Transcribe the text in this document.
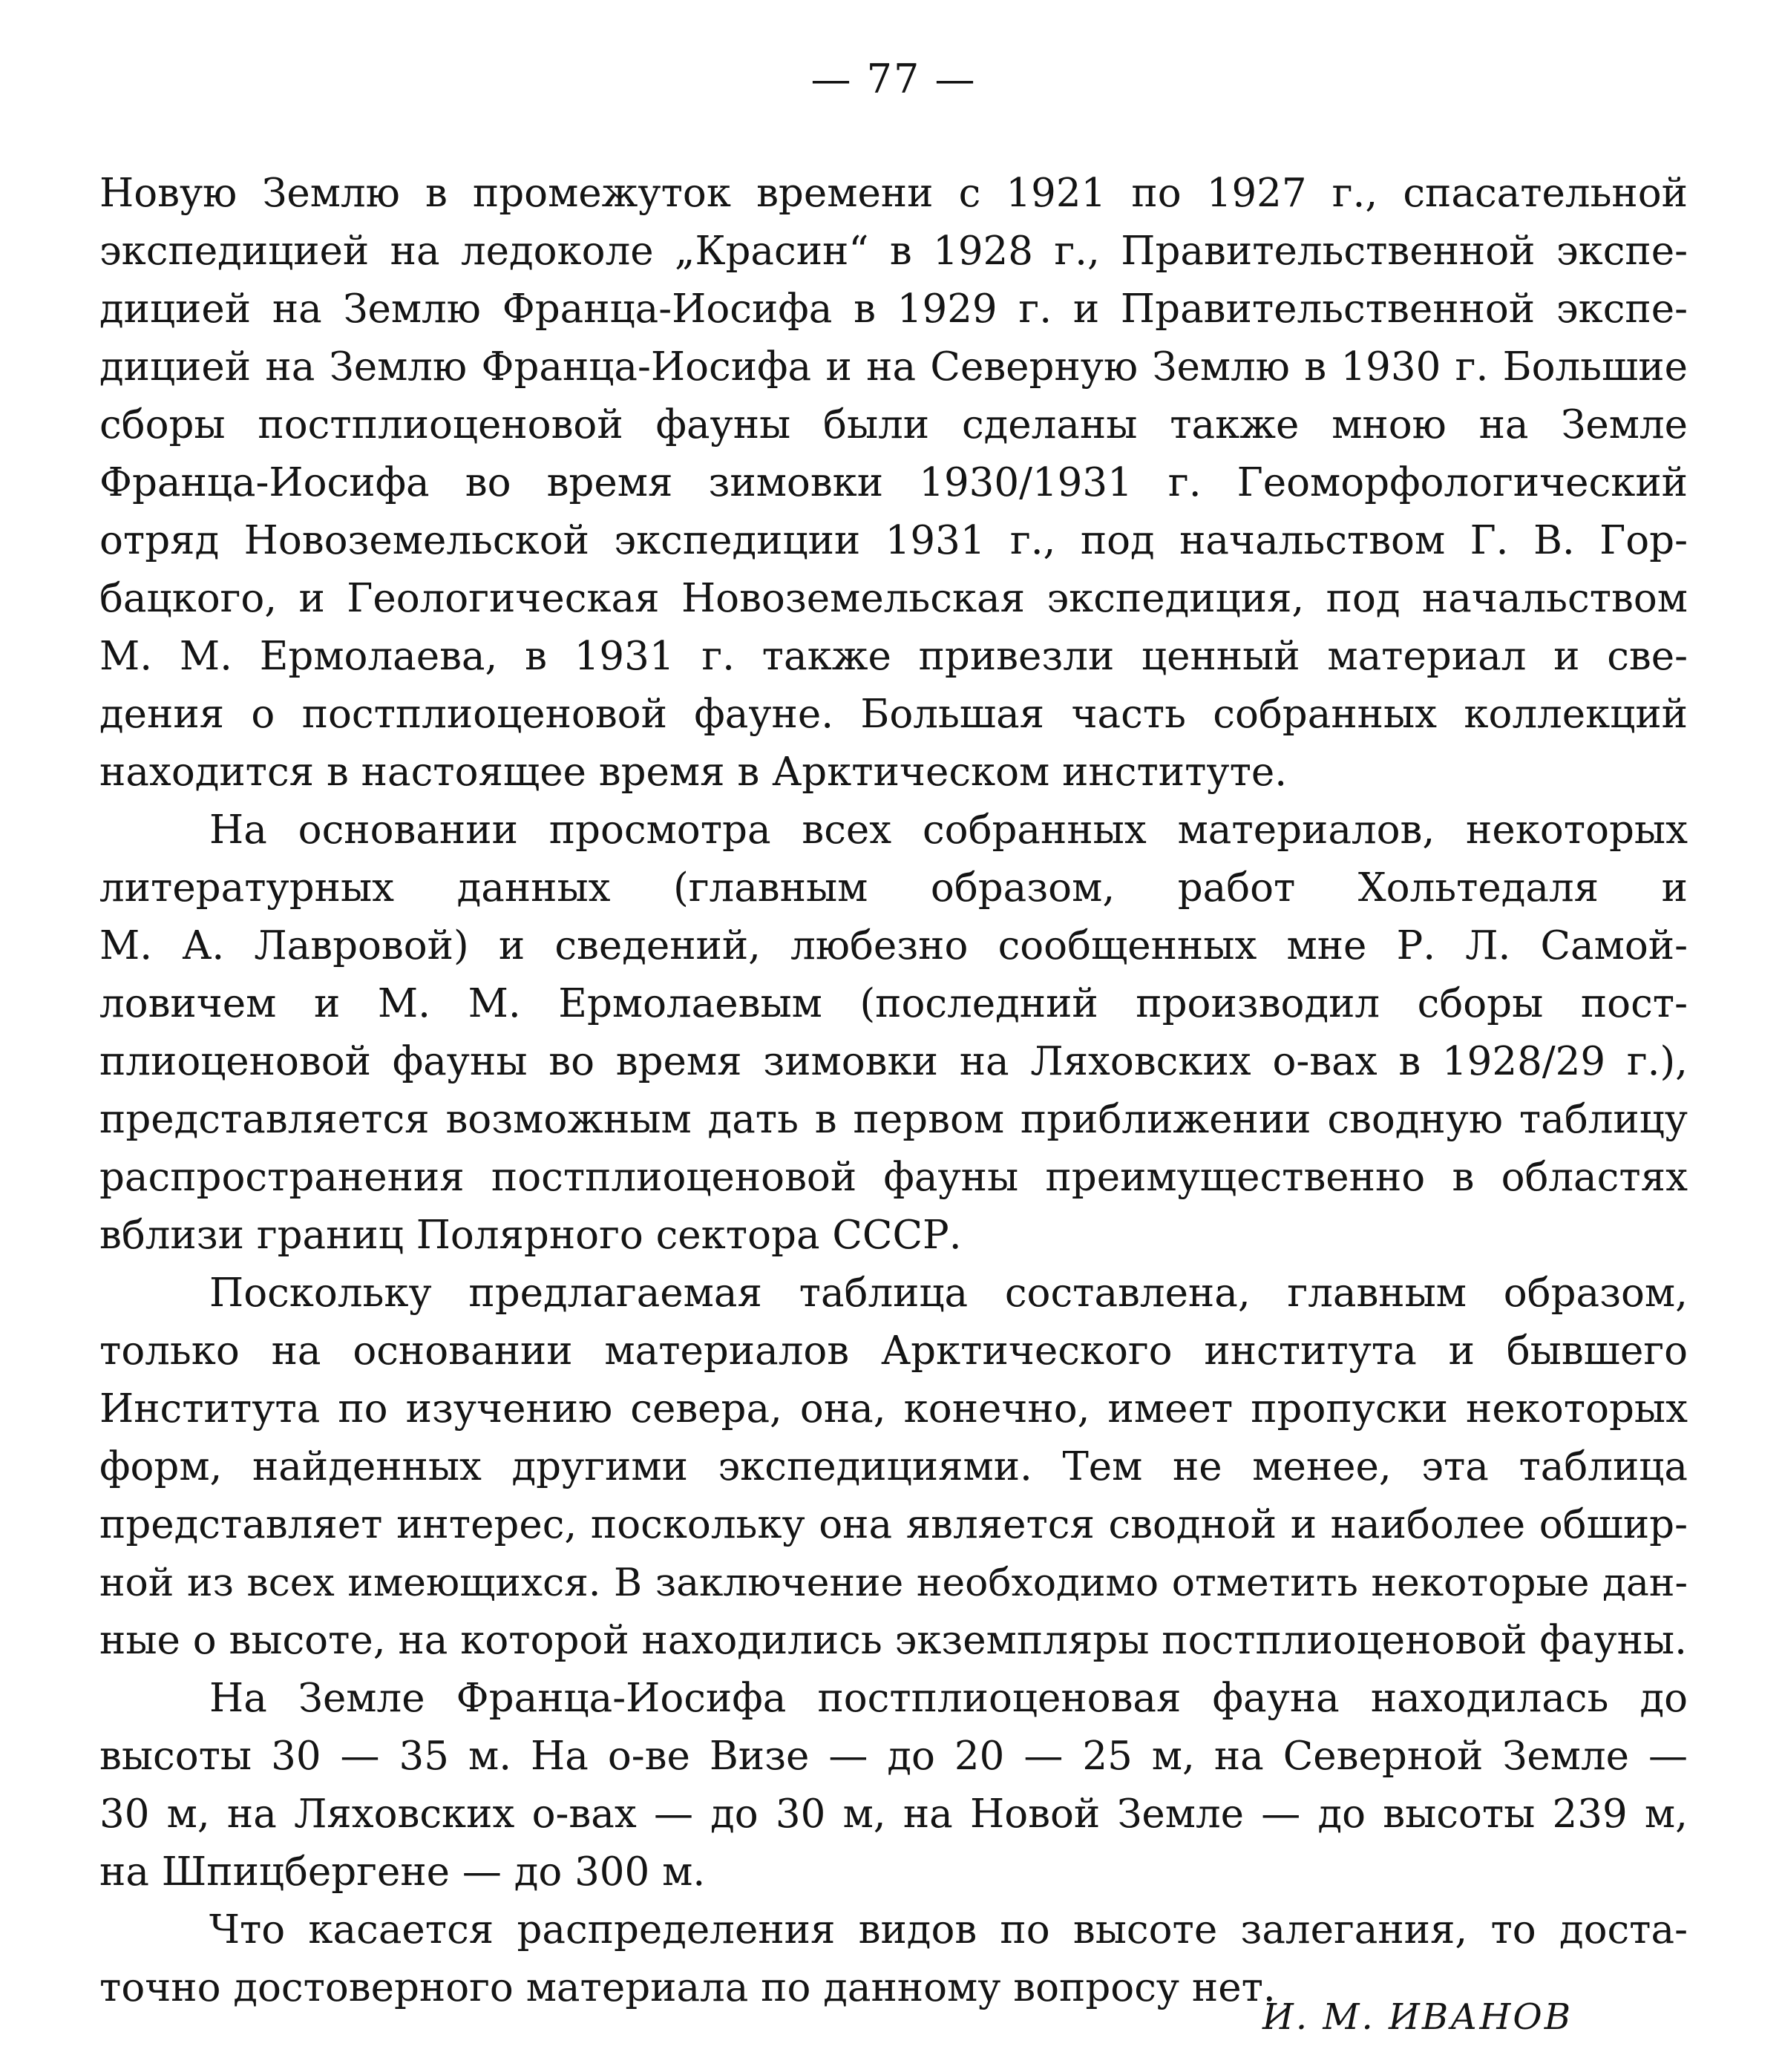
— 77 —

Новую Землю в промежуток времени с 1921 по 1927 г., спасательной
экспедицией на ледоколе „Красин“ в 1928 г., Правительственной экспе-
дицией на Землю Франца-Иосифа в 1929 г. и Правительственной экспе-
дицией на Землю Франца-Иосифа и на Северную Землю в 1930 г. Большие
сборы постплиоценовой фауны были сделаны также мною на Земле
Франца-Иосифа во время зимовки 1930/1931 г. Геоморфологический
отряд Новоземельской экспедиции 1931 г., под начальством Г. В. Гор-
бацкого, и Геологическая Новоземельская экспедиция, под начальством
М. М. Ермолаева, в 1931 г. также привезли ценный материал и све-
дения о постплиоценовой фауне. Большая часть собранных коллекций
находится в настоящее время в Арктическом институте.

На основании просмотра всех собранных материалов, некоторых
литературных данных (главным образом, работ Хольтедаля и
М. А. Лавровой) и сведений, любезно сообщенных мне Р. Л. Самой-
ловичем и М. М. Ермолаевым (последний производил сборы пост-
плиоценовой фауны во время зимовки на Ляховских о-вах в 1928/29 г.),
представляется возможным дать в первом приближении сводную таблицу
распространения постплиоценовой фауны преимущественно в областях
вблизи границ Полярного сектора СССР.

Поскольку предлагаемая таблица составлена, главным образом,
только на основании материалов Арктического института и бывшего
Института по изучению севера, она, конечно, имеет пропуски некоторых
форм, найденных другими экспедициями. Тем не менее, эта таблица
представляет интерес, поскольку она является сводной и наиболее обшир-
ной из всех имеющихся. В заключение необходимо отметить некоторые дан-
ные о высоте, на которой находились экземпляры постплиоценовой фауны.

На Земле Франца-Иосифа постплиоценовая фауна находилась до
высоты 30 — 35 м. На о-ве Визе — до 20 — 25 м, на Северной Земле —
30 м, на Ляховских о-вах — до 30 м, на Новой Земле — до высоты 239 м,
на Шпицбергене — до 300 м.

Что касается распределения видов по высоте залегания, то доста-
точно достоверного материала по данному вопросу нет.

И. М. ИВАНОВ
